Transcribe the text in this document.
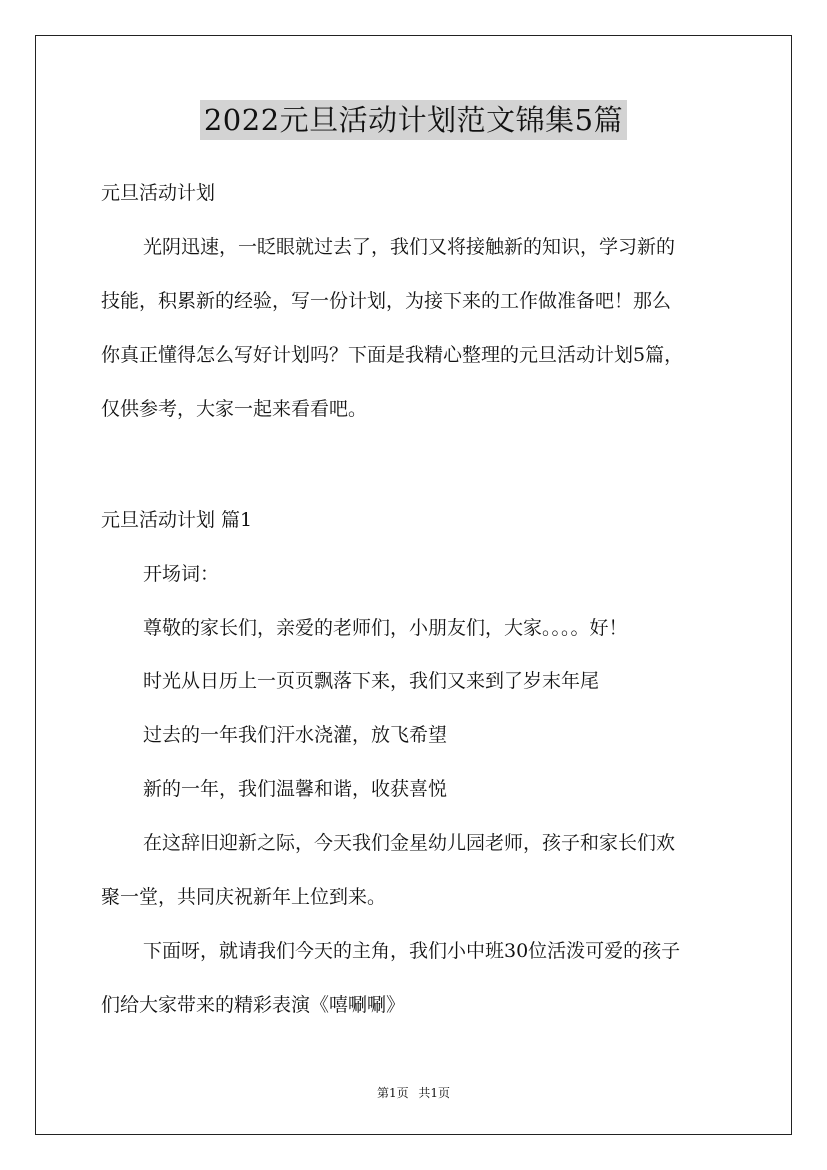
2022元旦活动计划范文锦集5篇
元旦活动计划
光阴迅速，一眨眼就过去了，我们又将接触新的知识，学习新的
技能，积累新的经验，写一份计划，为接下来的工作做准备吧！那么
你真正懂得怎么写好计划吗？下面是我精心整理的元旦活动计划5篇，
仅供参考，大家一起来看看吧。
元旦活动计划 篇1
开场词：
尊敬的家长们，亲爱的老师们，小朋友们，大家。。。。好！
时光从日历上一页页飘落下来，我们又来到了岁末年尾
过去的一年我们汗水浇灌，放飞希望
新的一年，我们温馨和谐，收获喜悦
在这辞旧迎新之际，今天我们金星幼儿园老师，孩子和家长们欢
聚一堂，共同庆祝新年上位到来。
下面呀，就请我们今天的主角，我们小中班30位活泼可爱的孩子
们给大家带来的精彩表演《嘻唰唰》
第1页 共1页
